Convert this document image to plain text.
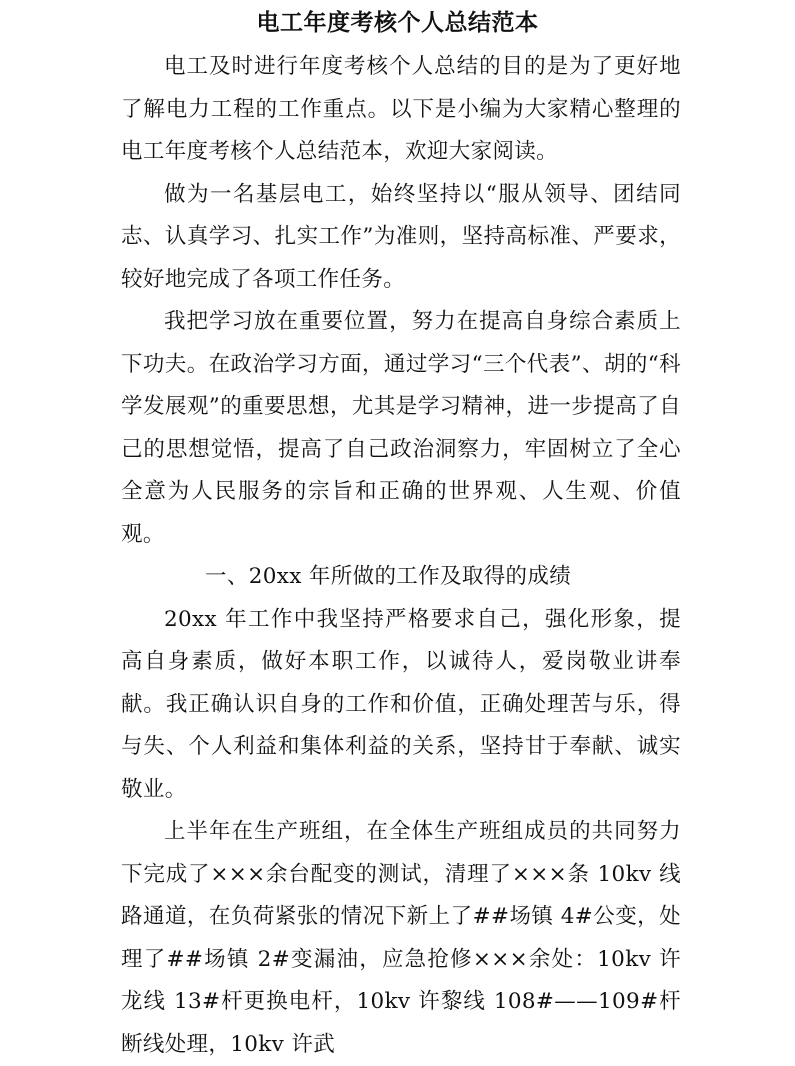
电工年度考核个人总结范本

电工及时进行年度考核个人总结的目的是为了更好地了解电力工程的工作重点。以下是小编为大家精心整理的电工年度考核个人总结范本，欢迎大家阅读。

做为一名基层电工，始终坚持以“服从领导、团结同志、认真学习、扎实工作”为准则，坚持高标准、严要求，较好地完成了各项工作任务。

我把学习放在重要位置，努力在提高自身综合素质上下功夫。在政治学习方面，通过学习“三个代表”、胡的“科学发展观”的重要思想，尤其是学习精神，进一步提高了自己的思想觉悟，提高了自己政治洞察力，牢固树立了全心全意为人民服务的宗旨和正确的世界观、人生观、价值观。

一、20xx 年所做的工作及取得的成绩

20xx 年工作中我坚持严格要求自己，强化形象，提高自身素质，做好本职工作，以诚待人，爱岗敬业讲奉献。我正确认识自身的工作和价值，正确处理苦与乐，得与失、个人利益和集体利益的关系，坚持甘于奉献、诚实敬业。

上半年在生产班组，在全体生产班组成员的共同努力下完成了×××余台配变的测试，清理了×××条 10kv 线路通道，在负荷紧张的情况下新上了##场镇 4#公变，处理了##场镇 2#变漏油，应急抢修×××余处：10kv 许龙线 13#杆更换电杆，10kv 许黎线 108#——109#杆断线处理，10kv 许武
